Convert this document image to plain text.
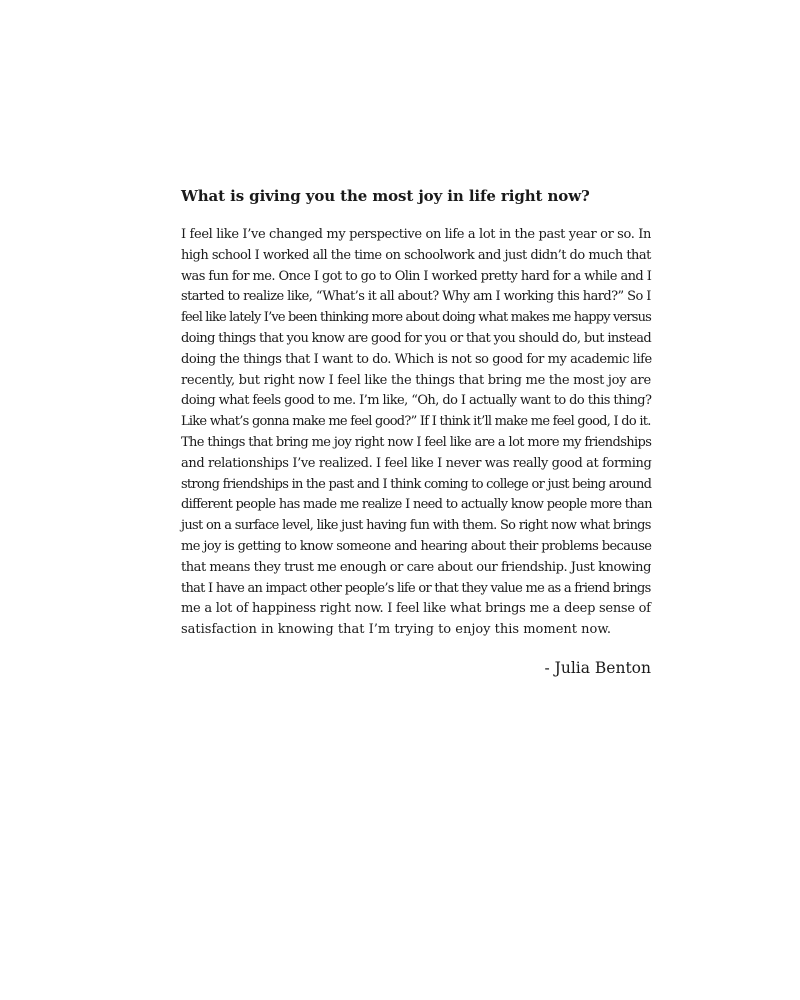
What is giving you the most joy in life right now?

I feel like I’ve changed my perspective on life a lot in the past year or so. In
high school I worked all the time on schoolwork and just didn’t do much that
was fun for me. Once I got to go to Olin I worked pretty hard for a while and I
started to realize like, “What’s it all about? Why am I working this hard?” So I
feel like lately I’ve been thinking more about doing what makes me happy versus
doing things that you know are good for you or that you should do, but instead
doing the things that I want to do. Which is not so good for my academic life
recently, but right now I feel like the things that bring me the most joy are
doing what feels good to me. I’m like, “Oh, do I actually want to do this thing?
Like what’s gonna make me feel good?” If I think it’ll make me feel good, I do it.
The things that bring me joy right now I feel like are a lot more my friendships
and relationships I’ve realized. I feel like I never was really good at forming
strong friendships in the past and I think coming to college or just being around
different people has made me realize I need to actually know people more than
just on a surface level, like just having fun with them. So right now what brings
me joy is getting to know someone and hearing about their problems because
that means they trust me enough or care about our friendship. Just knowing
that I have an impact other people’s life or that they value me as a friend brings
me a lot of happiness right now. I feel like what brings me a deep sense of
satisfaction in knowing that I’m trying to enjoy this moment now.

- Julia Benton
